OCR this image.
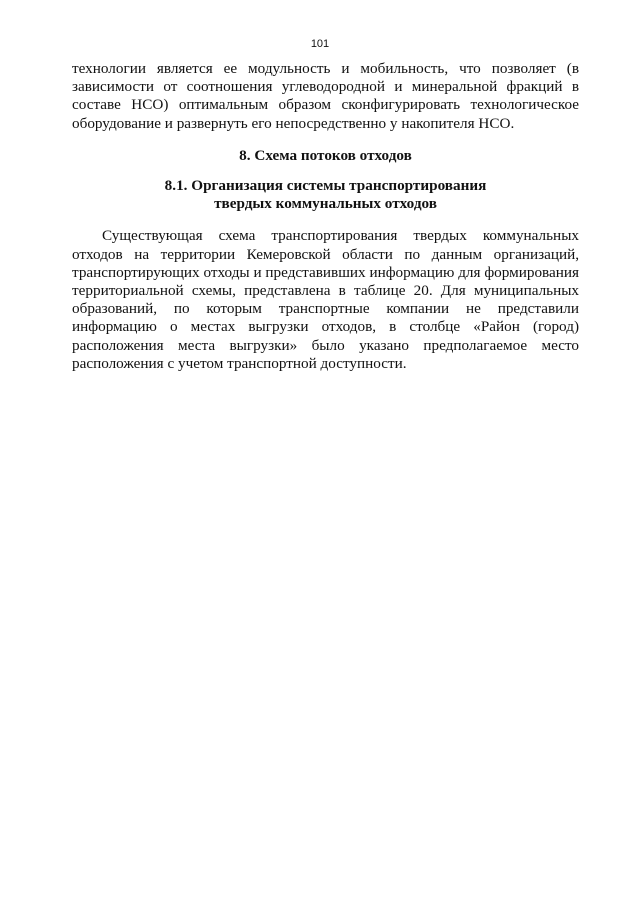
101

технологии является ее модульность и мобильность, что позволяет (в зависимости от соотношения углеводородной и минеральной фракций в составе НСО) оптимальным образом сконфигурировать технологическое оборудование и развернуть его непосредственно у накопителя НСО.

8. Схема потоков отходов
8.1. Организация системы транспортирования
твердых коммунальных отходов

Существующая схема транспортирования твердых коммунальных отходов на территории Кемеровской области по данным организаций, транспортирующих отходы и представивших информацию для формирования территориальной схемы, представлена в таблице 20. Для муниципальных образований, по которым транспортные компании не представили информацию о местах выгрузки отходов, в столбце «Район (город) расположения места выгрузки» было указано предполагаемое место расположения с учетом транспортной доступности.
